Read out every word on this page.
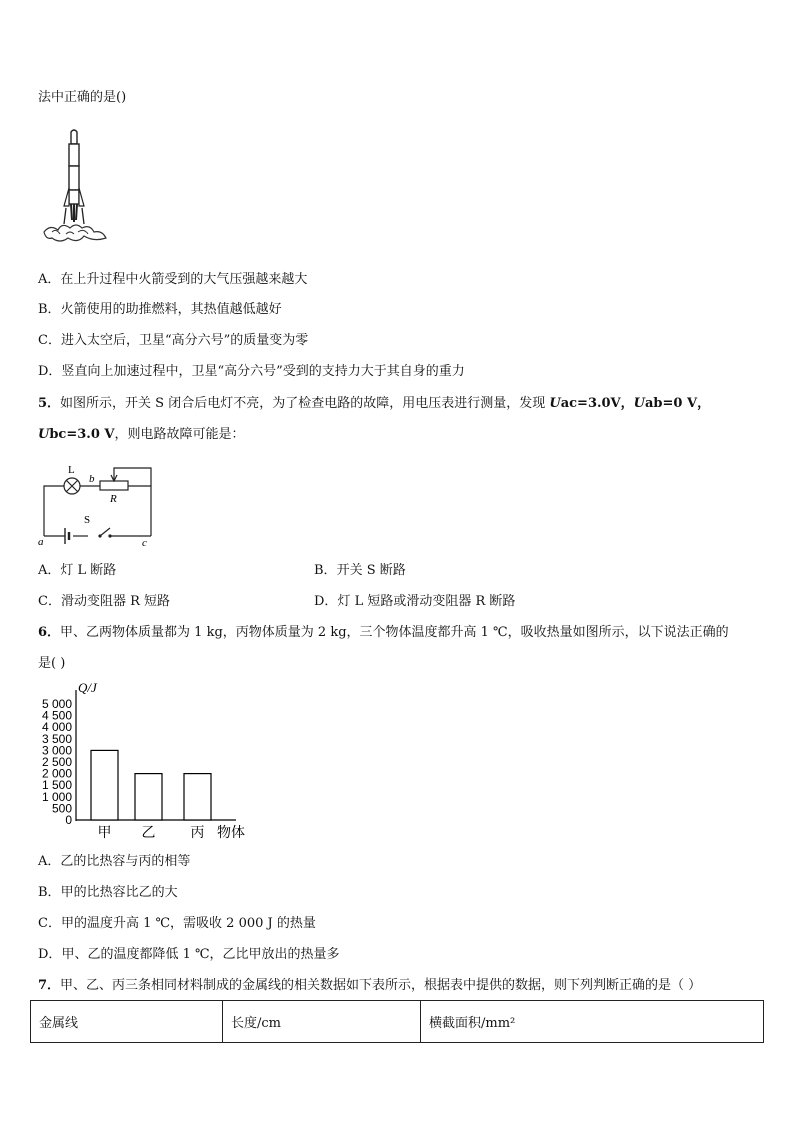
法中正确的是()
A．在上升过程中火箭受到的大气压强越来越大
B．火箭使用的助推燃料，其热值越低越好
C．进入太空后，卫星“高分六号”的质量变为零
D．竖直向上加速过程中，卫星“高分六号”受到的支持力大于其自身的重力
5．如图所示，开关 S 闭合后电灯不亮，为了检查电路的故障，用电压表进行测量，发现 Uac=3.0V，Uab=0 V，
Ubc=3.0 V，则电路故障可能是：
L
b
R
S
a	c
A．灯 L 断路	B．开关 S 断路
C．滑动变阻器 R 短路	D．灯 L 短路或滑动变阻器 R 断路
6．甲、乙两物体质量都为 1 kg，丙物体质量为 2 kg，三个物体温度都升高 1 ℃，吸收热量如图所示，以下说法正确的
是( )
0
500
1 000
1 500
2 000
2 500
3 000
3 500
4 000
4 500
5 000
Q/J
甲 乙	丙 物体
A．乙的比热容与丙的相等
B．甲的比热容比乙的大
C．甲的温度升高 1 ℃，需吸收 2 000 J 的热量
D．甲、乙的温度都降低 1 ℃，乙比甲放出的热量多
7．甲、乙、丙三条相同材料制成的金属线的相关数据如下表所示，根据表中提供的数据，则下列判断正确的是（ ）
金属线	长度/cm	横截面积/mm²
